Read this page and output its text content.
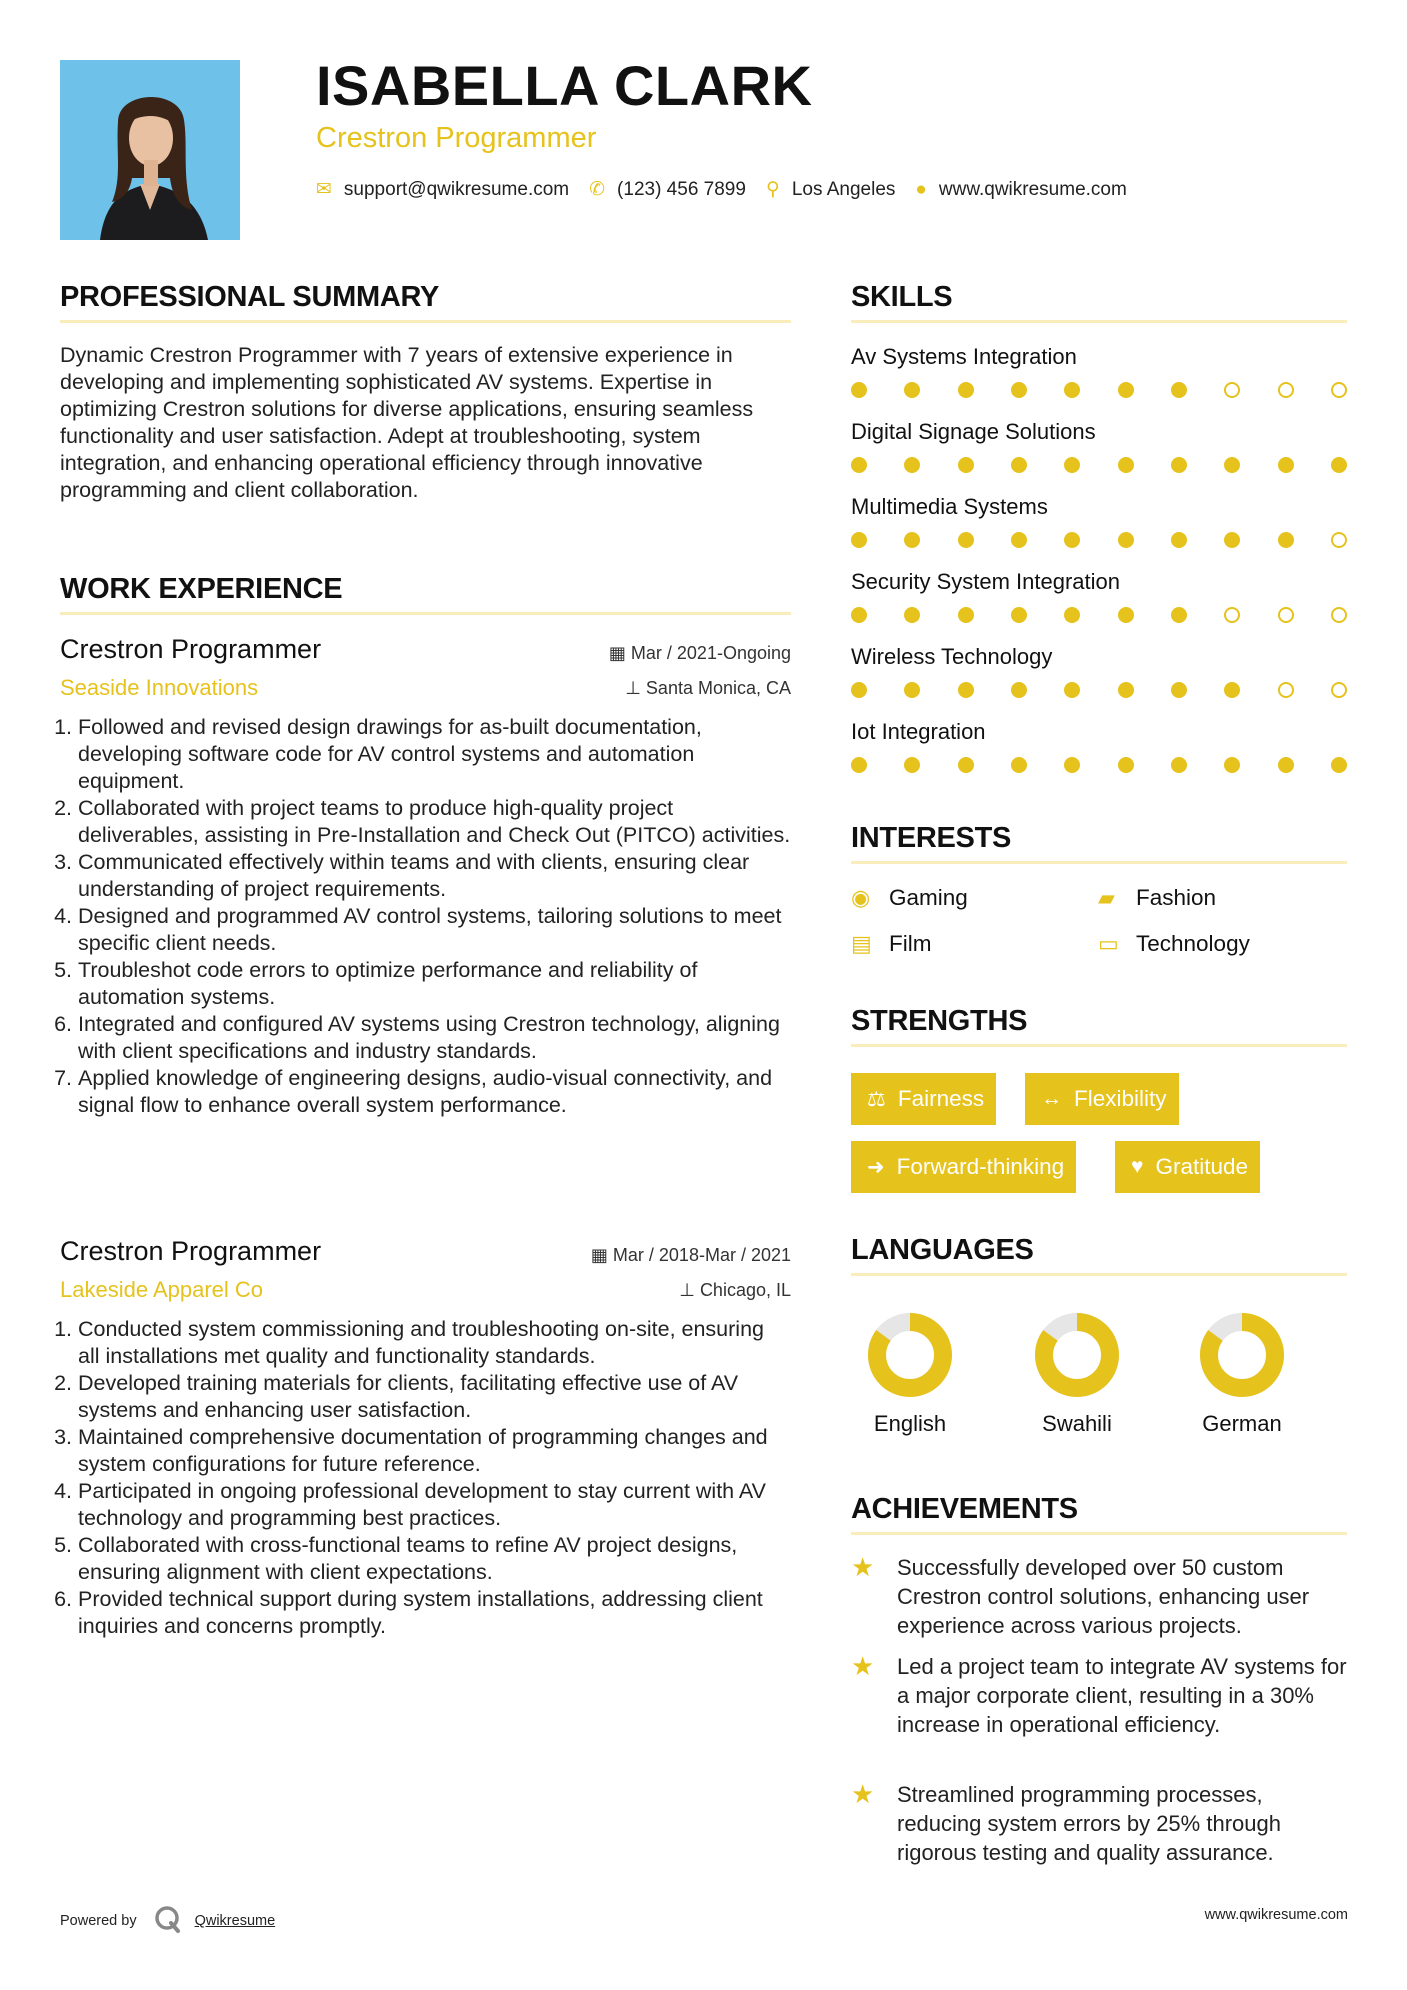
ISABELLA CLARK
Crestron Programmer
✉ support@qwikresume.com ✆ (123) 456 7899 ⚲ Los Angeles ● www.qwikresume.com
PROFESSIONAL SUMMARY
Dynamic Crestron Programmer with 7 years of extensive experience in developing and implementing sophisticated AV systems. Expertise in optimizing Crestron solutions for diverse applications, ensuring seamless functionality and user satisfaction. Adept at troubleshooting, system integration, and enhancing operational efficiency through innovative programming and client collaboration.
WORK EXPERIENCE
Crestron Programmer
Seaside Innovations
▦ Mar / 2021-Ongoing
⊥ Santa Monica, CA
1. Followed and revised design drawings for as-built documentation, developing software code for AV control systems and automation equipment.
2. Collaborated with project teams to produce high-quality project deliverables, assisting in Pre-Installation and Check Out (PITCO) activities.
3. Communicated effectively within teams and with clients, ensuring clear understanding of project requirements.
4. Designed and programmed AV control systems, tailoring solutions to meet specific client needs.
5. Troubleshot code errors to optimize performance and reliability of automation systems.
6. Integrated and configured AV systems using Crestron technology, aligning with client specifications and industry standards.
7. Applied knowledge of engineering designs, audio-visual connectivity, and signal flow to enhance overall system performance.
Crestron Programmer
Lakeside Apparel Co
▦ Mar / 2018-Mar / 2021
⊥ Chicago, IL
1. Conducted system commissioning and troubleshooting on-site, ensuring all installations met quality and functionality standards.
2. Developed training materials for clients, facilitating effective use of AV systems and enhancing user satisfaction.
3. Maintained comprehensive documentation of programming changes and system configurations for future reference.
4. Participated in ongoing professional development to stay current with AV technology and programming best practices.
5. Collaborated with cross-functional teams to refine AV project designs, ensuring alignment with client expectations.
6. Provided technical support during system installations, addressing client inquiries and concerns promptly.
SKILLS
Av Systems Integration
Digital Signage Solutions
Multimedia Systems
Security System Integration
Wireless Technology
Iot Integration
INTERESTS
◉ Gaming	▰ Fashion
▤ Film	▭ Technology
STRENGTHS
⚖ Fairness	↔ Flexibility
➜ Forward-thinking	♥ Gratitude
LANGUAGES
English	Swahili	German
ACHIEVEMENTS
★	Successfully developed over 50 custom Crestron control solutions, enhancing user experience across various projects.
★	Led a project team to integrate AV systems for a major corporate client, resulting in a 30% increase in operational efficiency.
★	Streamlined programming processes, reducing system errors by 25% through rigorous testing and quality assurance.
Powered by	Qwikresume	www.qwikresume.com
